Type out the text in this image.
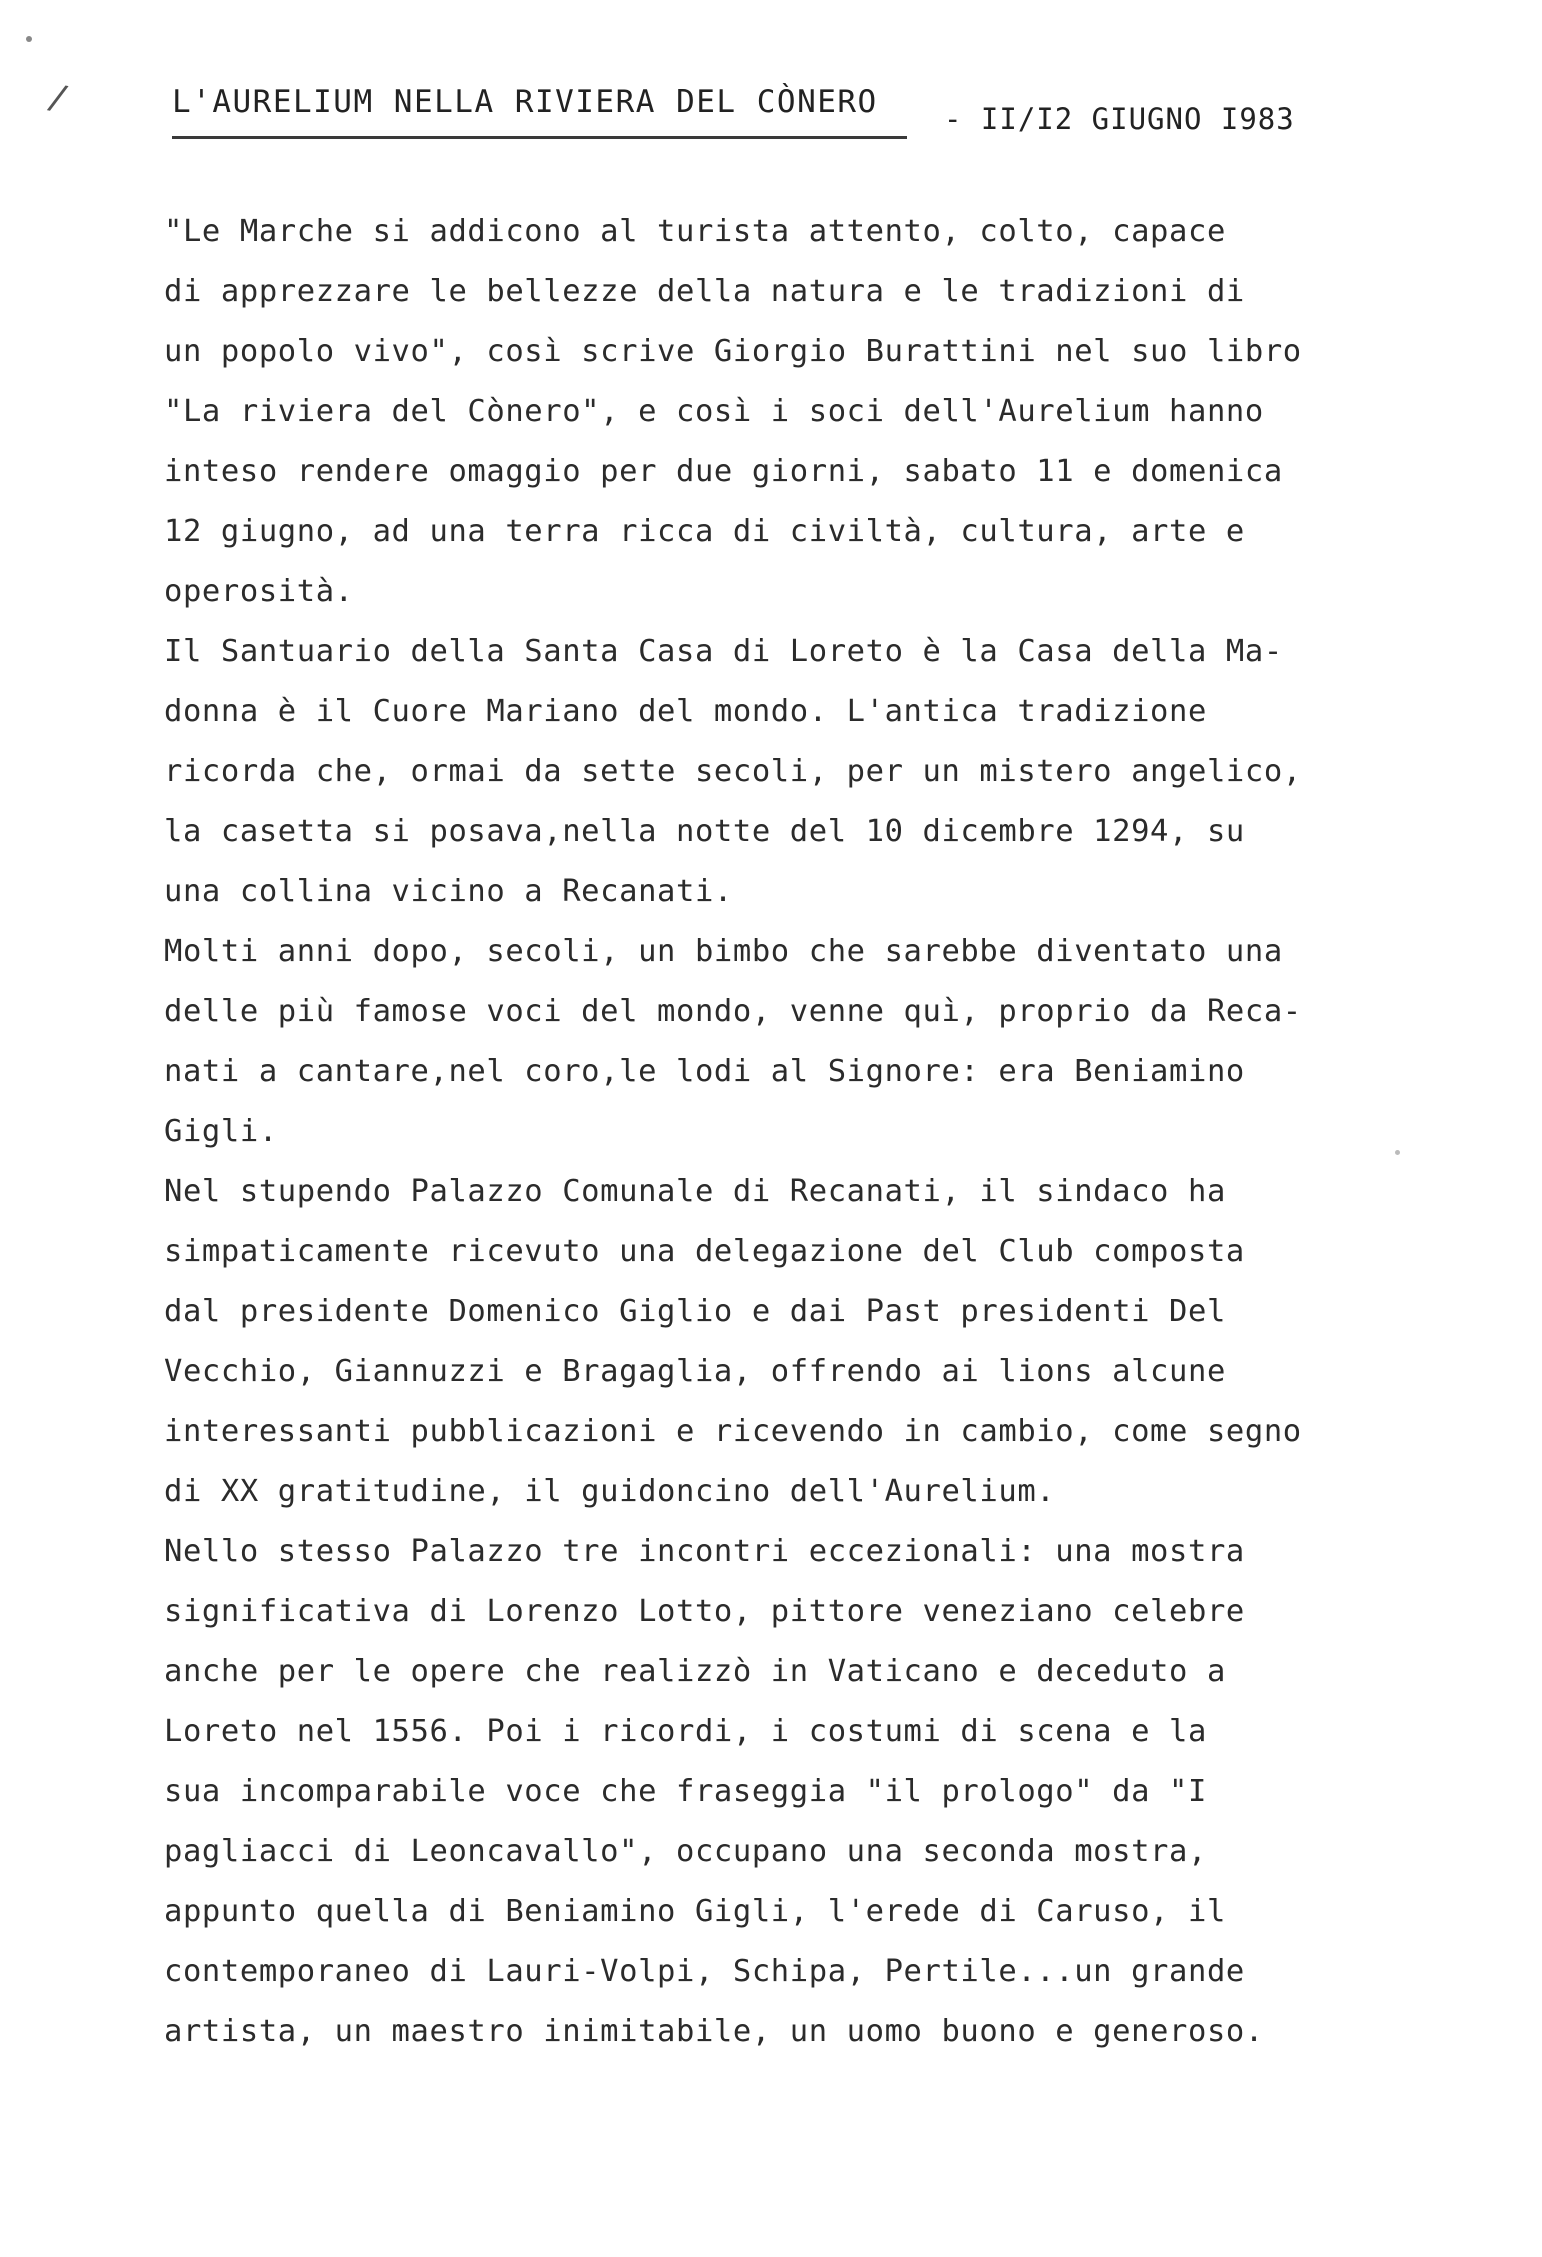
/	L'AURELIUM NELLA RIVIERA DEL CÒNERO - II/I2 GIUGNO I983
"Le Marche si addicono al turista attento, colto, capace
di apprezzare le bellezze della natura e le tradizioni di
un popolo vivo", così scrive Giorgio Burattini nel suo libro
"La riviera del Cònero", e così i soci dell'Aurelium hanno
inteso rendere omaggio per due giorni, sabato 11 e domenica
12 giugno, ad una terra ricca di civiltà, cultura, arte e
operosità.
Il Santuario della Santa Casa di Loreto è la Casa della Ma-
donna è il Cuore Mariano del mondo. L'antica tradizione
ricorda che, ormai da sette secoli, per un mistero angelico,
la casetta si posava,nella notte del 10 dicembre 1294, su
una collina vicino a Recanati.
Molti anni dopo, secoli, un bimbo che sarebbe diventato una
delle più famose voci del mondo, venne quì, proprio da Reca-
nati a cantare,nel coro,le lodi al Signore: era Beniamino
Gigli.
Nel stupendo Palazzo Comunale di Recanati, il sindaco ha
simpaticamente ricevuto una delegazione del Club composta
dal presidente Domenico Giglio e dai Past presidenti Del
Vecchio, Giannuzzi e Bragaglia, offrendo ai lions alcune
interessanti pubblicazioni e ricevendo in cambio, come segno
di XX gratitudine, il guidoncino dell'Aurelium.
Nello stesso Palazzo tre incontri eccezionali: una mostra
significativa di Lorenzo Lotto, pittore veneziano celebre
anche per le opere che realizzò in Vaticano e deceduto a
Loreto nel 1556. Poi i ricordi, i costumi di scena e la
sua incomparabile voce che fraseggia "il prologo" da "I
pagliacci di Leoncavallo", occupano una seconda mostra,
appunto quella di Beniamino Gigli, l'erede di Caruso, il
contemporaneo di Lauri-Volpi, Schipa, Pertile...un grande
artista, un maestro inimitabile, un uomo buono e generoso.
